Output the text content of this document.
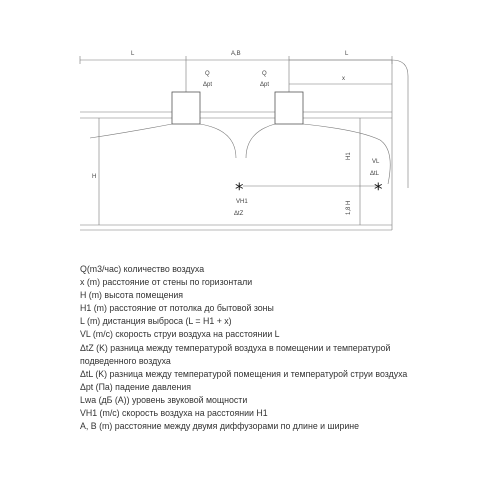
L	A,B	L
Q	Q
Δpt	Δpt
x
H
H1
VL
ΔtL
VH1
ΔtZ	1,8 H
*	*
Q(m3/час) количество воздуха
x (m) расстояние от стены по горизонтали
H (m) высота помещения
H1 (m) расстояние от потолка до бытовой зоны
L (m) дистанция выброса (L = H1 + x)
VL (m/c) скорость струи воздуха на расстоянии L
ΔtZ (K) разница между температурой воздуха в помещении и температурой подведенного воздуха
ΔtL (K) разница между температурой помещения и температурой струи воздуха
Δpt (Па) падение давления
Lwa (дБ (A)) уровень звуковой мощности
VH1 (m/c) скорость воздуха на расстоянии H1
A, B (m) расстояние между двумя диффузорами по длине и ширине
